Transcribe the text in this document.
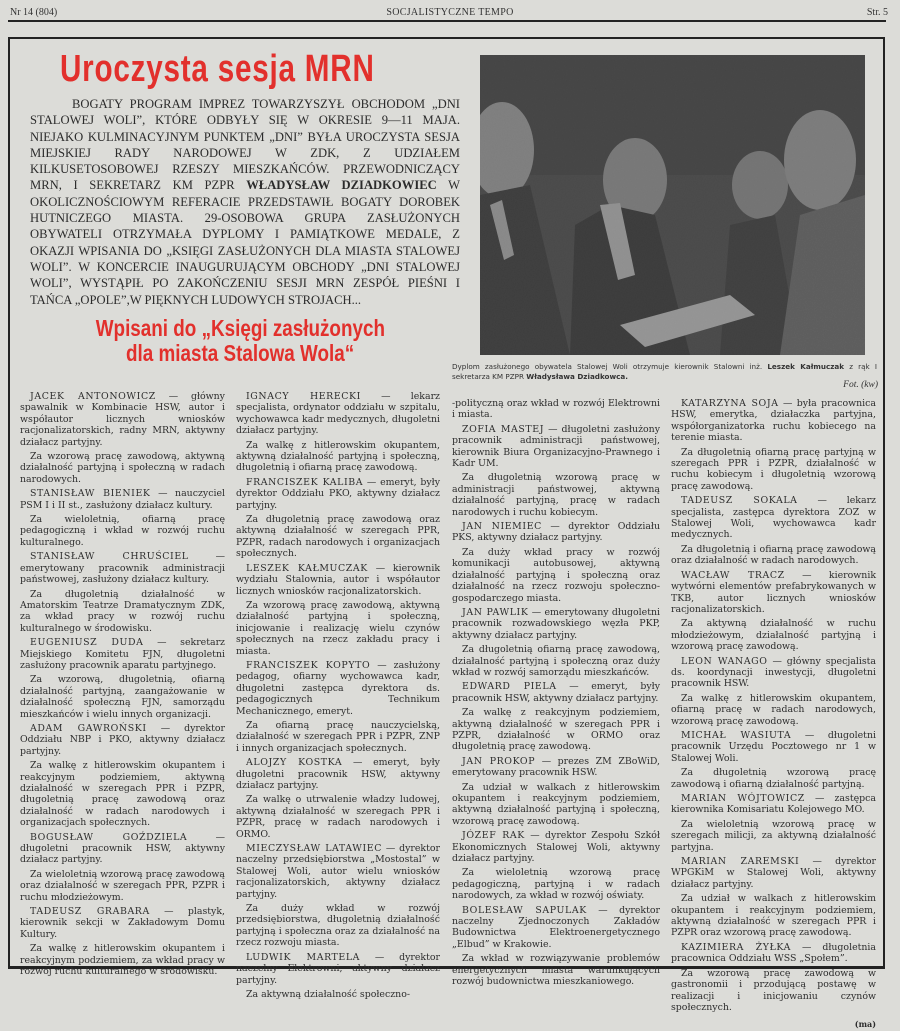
Nr 14 (804)	SOCJALISTYCZNE TEMPO	Str. 5
Uroczysta sesja MRN
BOGATY PROGRAM IMPREZ TOWARZYSZYŁ OBCHODOM „DNI STALOWEJ WOLI”, KTÓRE ODBYŁY SIĘ W OKRESIE 9—11 MAJA. NIEJAKO KULMINACYJNYM PUNKTEM „DNI” BYŁA UROCZYSTA SESJA MIEJSKIEJ RADY NARODOWEJ W ZDK, Z UDZIAŁEM KILKUSETOSOBOWEJ RZESZY MIESZKAŃCÓW. PRZEWODNICZĄCY MRN, I SEKRETARZ KM PZPR WŁADYSŁAW DZIADKOWIEC W OKOLICZNOŚCIOWYM REFERACIE PRZEDSTAWIŁ BOGATY DOROBEK HUTNICZEGO MIASTA. 29-OSOBOWA GRUPA ZASŁUŻONYCH OBYWATELI OTRZYMAŁA DYPLOMY I PAMIĄTKOWE MEDALE, Z OKAZJI WPISANIA DO „KSIĘGI ZASŁUŻONYCH DLA MIASTA STALOWEJ WOLI”. W KONCERCIE INAUGURUJĄCYM OBCHODY „DNI STALOWEJ WOLI”, WYSTĄPIŁ PO ZAKOŃCZENIU SESJI MRN ZESPÓŁ PIEŚNI I TAŃCA „OPOLE”,W PIĘKNYCH LUDOWYCH STROJACH...
Wpisani do „Księgi zasłużonych
dla miasta Stalowa Wola“
Dyplom zasłużonego obywatela Stalowej Woli otrzymuje kierownik Stalowni inż. Leszek Kałmuczak z rąk I sekretarza KM PZPR Władysława Dziadkowca.
Fot. (kw)

JACEK ANTONOWICZ — główny spawalnik w Kombinacie HSW, autor i współautor licznych wniosków racjonalizatorskich, radny MRN, aktywny działacz partyjny.

Za wzorową pracę zawodową, aktywną działalność partyjną i społeczną w radach narodowych.

STANISŁAW BIENIEK — nauczyciel PSM I i II st., zasłużony działacz kultury.

Za wieloletnią, ofiarną pracę pedagogiczną i wkład w rozwój ruchu kulturalnego.

STANISŁAW CHRUŚCIEL — emerytowany pracownik administracji państwowej, zasłużony działacz kultury.

Za długoletnią działalność w Amatorskim Teatrze Dramatycznym ZDK, za wkład pracy w rozwój ruchu kulturalnego w środowisku.

EUGENIUSZ DUDA — sekretarz Miejskiego Komitetu FJN, długoletni zasłużony pracownik aparatu partyjnego.

Za wzorową, długoletnią, ofiarną działalność partyjną, zaangażowanie w działalność społeczną FJN, samorządu mieszkańców i wielu innych organizacji.

ADAM GAWROŃSKI — dyrektor Oddziału NBP i PKO, aktywny działacz partyjny.

Za walkę z hitlerowskim okupantem i reakcyjnym podziemiem, aktywną działalność w szeregach PPR i PZPR, długoletnią pracę zawodową oraz działalność w radach narodowych i organizacjach społecznych.

BOGUSŁAW GOŹDZIELA — długoletni pracownik HSW, aktywny działacz partyjny.

Za wieloletnią wzorową pracę zawodową oraz działalność w szeregach PPR, PZPR i ruchu młodzieżowym.

TADEUSZ GRABARA — plastyk, kierownik sekcji w Zakładowym Domu Kultury.

Za walkę z hitlerowskim okupantem i reakcyjnym podziemiem, za wkład pracy w rozwój ruchu kulturalnego w środowisku.

IGNACY HERECKI — lekarz specjalista, ordynator oddziału w szpitalu, wychowawca kadr medycznych, długoletni działacz partyjny.

Za walkę z hitlerowskim okupantem, aktywną działalność partyjną i społeczną, długoletnią i ofiarną pracę zawodową.

FRANCISZEK KALIBA — emeryt, były dyrektor Oddziału PKO, aktywny działacz partyjny.

Za długoletnią pracę zawodową oraz aktywną działalność w szeregach PPR, PZPR, radach narodowych i organizacjach społecznych.

LESZEK KAŁMUCZAK — kierownik wydziału Stalownia, autor i współautor licznych wniosków racjonalizatorskich.

Za wzorową pracę zawodową, aktywną działalność partyjną i społeczną, inicjowanie i realizację wielu czynów społecznych na rzecz zakładu pracy i miasta.

FRANCISZEK KOPYTO — zasłużony pedagog, ofiarny wychowawca kadr, długoletni zastępca dyrektora ds. pedagogicznych Technikum Mechanicznego, emeryt.

Za ofiarną pracę nauczycielską, działalność w szeregach PPR i PZPR, ZNP i innych organizacjach społecznych.

ALOJZY KOSTKA — emeryt, były długoletni pracownik HSW, aktywny działacz partyjny.

Za walkę o utrwalenie władzy ludowej, aktywną działalność w szeregach PPR i PZPR, pracę w radach narodowych i ORMO.

MIECZYSŁAW LATAWIEC — dyrektor naczelny przedsiębiorstwa „Mostostal” w Stalowej Woli, autor wielu wniosków racjonalizatorskich, aktywny działacz partyjny.

Za duży wkład w rozwój przedsiębiorstwa, długoletnią działalność partyjną i społeczna oraz za działalność na rzecz rozwoju miasta.

LUDWIK MARTELA — dyrektor naczelny Elektrowni, aktywny działacz partyjny.

Za aktywną działalność społeczno-

-polityczną oraz wkład w rozwój Elektrowni i miasta.

ZOFIA MASTEJ — długoletni zasłużony pracownik administracji państwowej, kierownik Biura Organizacyjno-Prawnego i Kadr UM.

Za długoletnią wzorową pracę w administracji państwowej, aktywną działalność partyjną, pracę w radach narodowych i ruchu kobiecym.

JAN NIEMIEC — dyrektor Oddziału PKS, aktywny działacz partyjny.

Za duży wkład pracy w rozwój komunikacji autobusowej, aktywną działalność partyjną i społeczną oraz działalność na rzecz rozwoju społeczno-gospodarczego miasta.

JAN PAWLIK — emerytowany długoletni pracownik rozwadowskiego węzła PKP, aktywny działacz partyjny.

Za długoletnią ofiarną pracę zawodową, działalność partyjną i społeczną oraz duży wkład w rozwój samorządu mieszkańców.

EDWARD PIELA — emeryt, były pracownik HSW, aktywny działacz partyjny.

Za walkę z reakcyjnym podziemiem, aktywną działalność w szeregach PPR i PZPR, działalność w ORMO oraz długoletnią pracę zawodową.

JAN PROKOP — prezes ZM ZBoWiD, emerytowany pracownik HSW.

Za udział w walkach z hitlerowskim okupantem i reakcyjnym podziemiem, aktywną działalność partyjną i społeczną, wzorową pracę zawodową.

JÓZEF RAK — dyrektor Zespołu Szkół Ekonomicznych Stalowej Woli, aktywny działacz partyjny.

Za wieloletnią wzorową pracę pedagogiczną, partyjną i w radach narodowych, za wkład w rozwój oświaty.

BOLESŁAW SAPULAK — dyrektor naczelny Zjednoczonych Zakładów Budownictwa Elektroenergetycznego „Elbud” w Krakowie.

Za wkład w rozwiązywanie problemów energetycznych miasta warunkujących rozwój budownictwa mieszkaniowego.

KATARZYNA SOJA — była pracownica HSW, emerytka, działaczka partyjna, współorganizatorka ruchu kobiecego na terenie miasta.

Za długoletnią ofiarną pracę partyjną w szeregach PPR i PZPR, działalność w ruchu kobiecym i długoletnią wzorową pracę zawodową.

TADEUSZ SOKALA — lekarz specjalista, zastępca dyrektora ZOZ w Stalowej Woli, wychowawca kadr medycznych.

Za długoletnią i ofiarną pracę zawodową oraz działalność w radach narodowych.

WACŁAW TRACZ — kierownik wytwórni elementów prefabrykowanych w TKB, autor licznych wniosków racjonalizatorskich.

Za aktywną działalność w ruchu młodzieżowym, działalność partyjną i wzorową pracę zawodową.

LEON WANAGO — główny specjalista ds. koordynacji inwestycji, długoletni pracownik HSW.

Za walkę z hitlerowskim okupantem, ofiarną pracę w radach narodowych, wzorową pracę zawodową.

MICHAŁ WASIUTA — długoletni pracownik Urzędu Pocztowego nr 1 w Stalowej Woli.

Za długoletnią wzorową pracę zawodową i ofiarną działalność partyjną.

MARIAN WÓJTOWICZ — zastępca kierownika Komisariatu Kolejowego MO.

Za wieloletnią wzorową pracę w szeregach milicji, za aktywną działalność partyjna.

MARIAN ZAREMSKI — dyrektor WPGKiM w Stalowej Woli, aktywny działacz partyjny.

Za udział w walkach z hitlerowskim okupantem i reakcyjnym podziemiem, aktywną działalność w szeregach PPR i PZPR oraz wzorową pracę zawodową.

KAZIMIERA ŻYŁKA — długoletnia pracownica Oddziału WSS „Społem”.

Za wzorową pracę zawodową w gastronomii i przodującą postawę w realizacji i inicjowaniu czynów społecznych.

(ma)
